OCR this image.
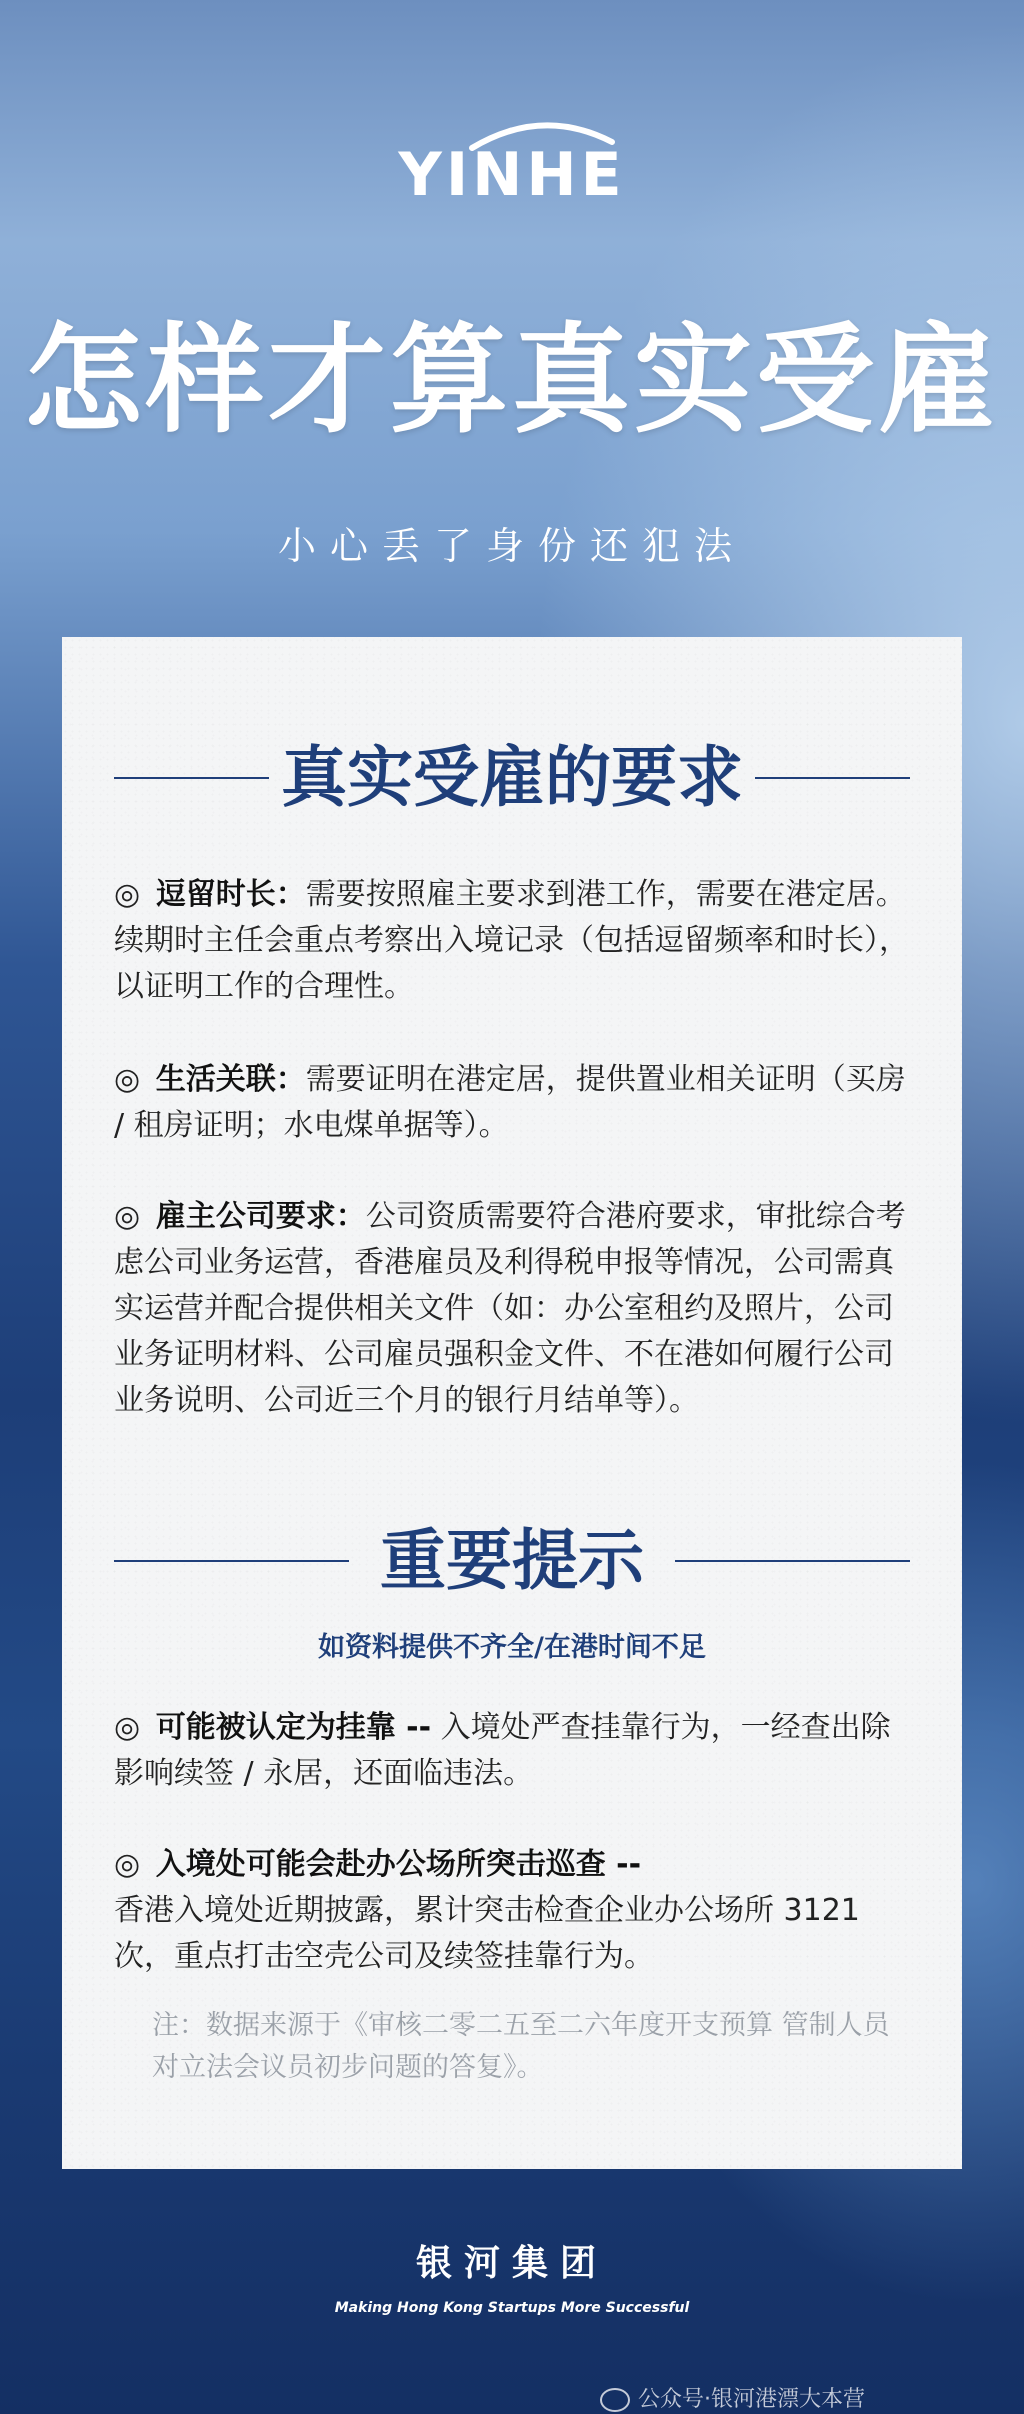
YINHE
怎样才算真实受雇
小心丢了身份还犯法
真实受雇的要求
◎ 逗留时长：需要按照雇主要求到港工作，需要在港定居。续期时主任会重点考察出入境记录（包括逗留频率和时长），以证明工作的合理性。
◎ 生活关联：需要证明在港定居，提供置业相关证明（买房 / 租房证明；水电煤单据等）。
◎ 雇主公司要求：公司资质需要符合港府要求，审批综合考虑公司业务运营，香港雇员及利得税申报等情况，公司需真实运营并配合提供相关文件（如：办公室租约及照片，公司业务证明材料、公司雇员强积金文件、不在港如何履行公司业务说明、公司近三个月的银行月结单等）。
重要提示
如资料提供不齐全/在港时间不足
◎ 可能被认定为挂靠 -- 入境处严查挂靠行为，一经查出除影响续签 / 永居，还面临违法。
◎ 入境处可能会赴办公场所突击巡查 --
香港入境处近期披露，累计突击检查企业办公场所 3121 次，重点打击空壳公司及续签挂靠行为。
注：数据来源于《审核二零二五至二六年度开支预算 管制人员对立法会议员初步问题的答复》。
银河集团
Making Hong Kong Startups More Successful
公众号·银河港漂大本营
